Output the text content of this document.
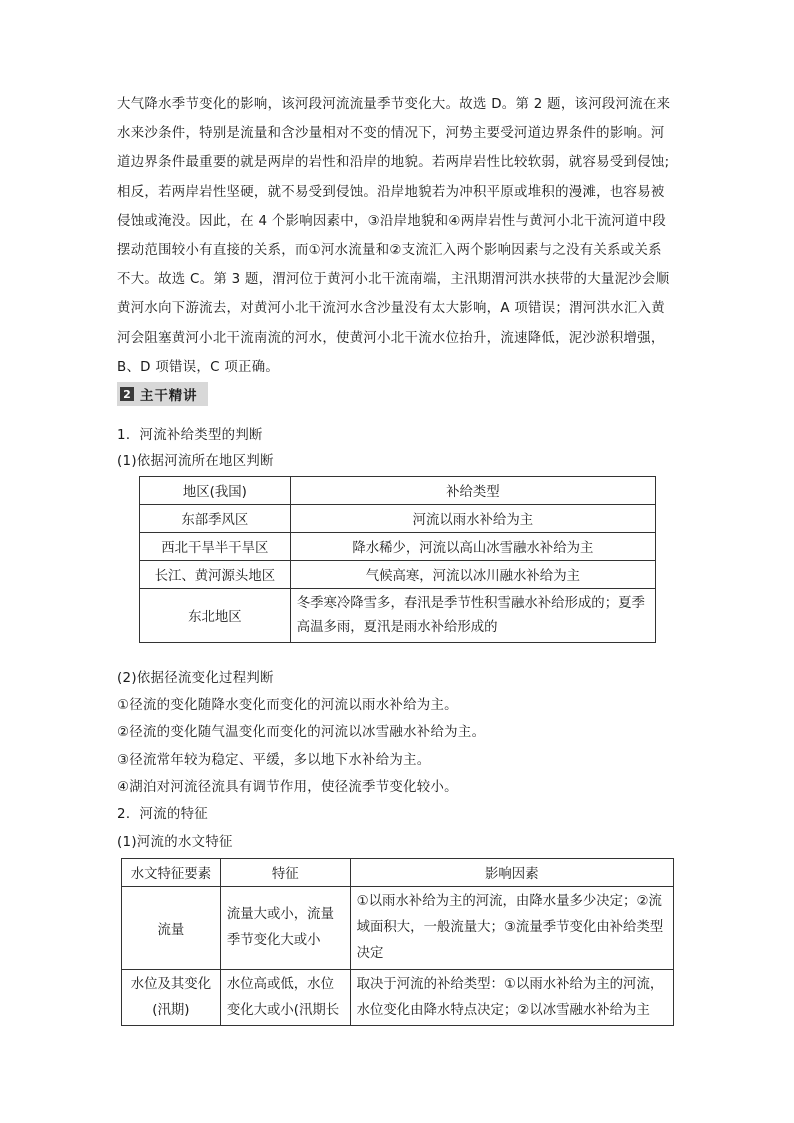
大气降水季节变化的影响，该河段河流流量季节变化大。故选 D。第 2 题，该河段河流在来
水来沙条件，特别是流量和含沙量相对不变的情况下，河势主要受河道边界条件的影响。河
道边界条件最重要的就是两岸的岩性和沿岸的地貌。若两岸岩性比较软弱，就容易受到侵蚀;
相反，若两岸岩性坚硬，就不易受到侵蚀。沿岸地貌若为冲积平原或堆积的漫滩，也容易被
侵蚀或淹没。因此，在 4 个影响因素中，③沿岸地貌和④两岸岩性与黄河小北干流河道中段
摆动范围较小有直接的关系，而①河水流量和②支流汇入两个影响因素与之没有关系或关系
不大。故选 C。第 3 题，渭河位于黄河小北干流南端，主汛期渭河洪水挟带的大量泥沙会顺
黄河水向下游流去，对黄河小北干流河水含沙量没有太大影响，A 项错误；渭河洪水汇入黄
河会阻塞黄河小北干流南流的河水，使黄河小北干流水位抬升，流速降低，泥沙淤积增强，
B、D 项错误，C 项正确。
2 主干精讲
1．河流补给类型的判断
(1)依据河流所在地区判断
地区(我国)	补给类型
东部季风区	河流以雨水补给为主
西北干旱半干旱区	降水稀少，河流以高山冰雪融水补给为主
长江、黄河源头地区	气候高寒，河流以冰川融水补给为主
东北地区	冬季寒冷降雪多，春汛是季节性积雪融水补给形成的；夏季高温多雨，夏汛是雨水补给形成的
(2)依据径流变化过程判断
①径流的变化随降水变化而变化的河流以雨水补给为主。
②径流的变化随气温变化而变化的河流以冰雪融水补给为主。
③径流常年较为稳定、平缓，多以地下水补给为主。
④湖泊对河流径流具有调节作用，使径流季节变化较小。
2．河流的特征
(1)河流的水文特征
水文特征要素	特征	影响因素
流量	流量大或小，流量季节变化大或小	①以雨水补给为主的河流，由降水量多少决定；②流域面积大，一般流量大；③流量季节变化由补给类型决定
水位及其变化(汛期)	水位高或低，水位变化大或小(汛期长	取决于河流的补给类型：①以雨水补给为主的河流，水位变化由降水特点决定；②以冰雪融水补给为主
